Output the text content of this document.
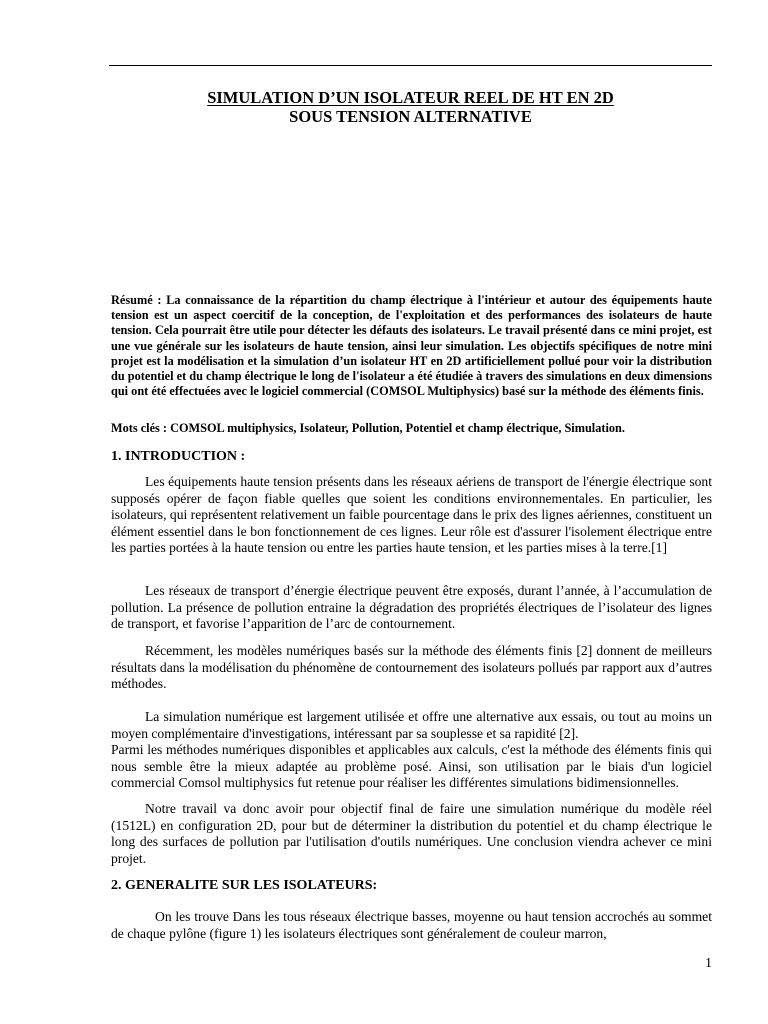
SIMULATION D’UN ISOLATEUR REEL DE HT EN 2D
SOUS TENSION ALTERNATIVE
Résumé : La connaissance de la répartition du champ électrique à l'intérieur et autour des équipements haute tension est un aspect coercitif de la conception, de l'exploitation et des performances des isolateurs de haute tension. Cela pourrait être utile pour détecter les défauts des isolateurs. Le travail présenté dans ce mini projet, est une vue générale sur les isolateurs de haute tension, ainsi leur simulation. Les objectifs spécifiques de notre mini projet est la modélisation et la simulation d’un isolateur HT en 2D artificiellement pollué pour voir la distribution du potentiel et du champ électrique le long de l'isolateur a été étudiée à travers des simulations en deux dimensions qui ont été effectuées avec le logiciel commercial (COMSOL Multiphysics) basé sur la méthode des éléments finis.
Mots clés : COMSOL multiphysics, Isolateur, Pollution, Potentiel et champ électrique, Simulation.
1. INTRODUCTION :
Les équipements haute tension présents dans les réseaux aériens de transport de l'énergie électrique sont supposés opérer de façon fiable quelles que soient les conditions environnementales. En particulier, les isolateurs, qui représentent relativement un faible pourcentage dans le prix des lignes aériennes, constituent un élément essentiel dans le bon fonctionnement de ces lignes. Leur rôle est d'assurer l'isolement électrique entre les parties portées à la haute tension ou entre les parties haute tension, et les parties mises à la terre.[1]
Les réseaux de transport d’énergie électrique peuvent être exposés, durant l’année, à l’accumulation de pollution. La présence de pollution entraine la dégradation des propriétés électriques de l’isolateur des lignes de transport, et favorise l’apparition de l’arc de contournement.
Récemment, les modèles numériques basés sur la méthode des éléments finis [2] donnent de meilleurs résultats dans la modélisation du phénomène de contournement des isolateurs pollués par rapport aux d’autres méthodes.
La simulation numérique est largement utilisée et offre une alternative aux essais, ou tout au moins un moyen complémentaire d'investigations, intéressant par sa souplesse et sa rapidité [2].
Parmi les méthodes numériques disponibles et applicables aux calculs, c'est la méthode des éléments finis qui nous semble être la mieux adaptée au problème posé. Ainsi, son utilisation par le biais d'un logiciel commercial Comsol multiphysics fut retenue pour réaliser les différentes simulations bidimensionnelles.
Notre travail va donc avoir pour objectif final de faire une simulation numérique du modèle réel (1512L) en configuration 2D, pour but de déterminer la distribution du potentiel et du champ électrique le long des surfaces de pollution par l'utilisation d'outils numériques. Une conclusion viendra achever ce mini projet.
2. GENERALITE SUR LES ISOLATEURS:
On les trouve Dans les tous réseaux électrique basses, moyenne ou haut tension accrochés au sommet de chaque pylône (figure 1) les isolateurs électriques sont généralement de couleur marron,
1
